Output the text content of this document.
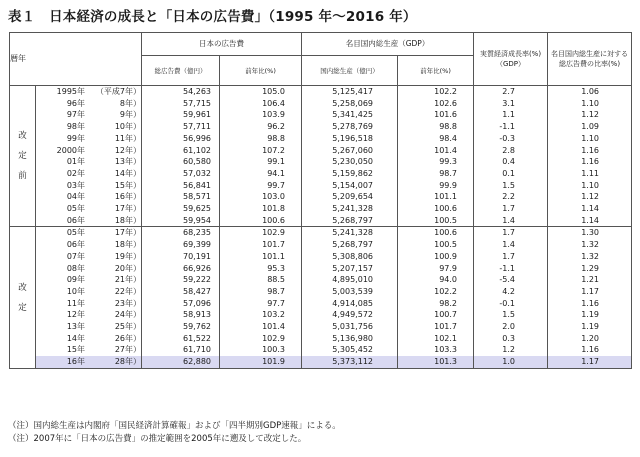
表１　日本経済の成長と「日本の広告費」（1995 年〜2016 年）
暦年		日本の広告費		名目国内総生産（GDP）		実質経済成長率(%)（GDP）	名目国内総生産に対する総広告費の比率(%)
		総広告費（億円）	前年比(%)	国内総生産（億円）	前年比(%)		

改
定
前	1995年 （平成7年）	54,263	105.0	5,125,417	102.2	2.7	1.06
	96年 8年）	57,715	106.4	5,258,069	102.6	3.1	1.10
	97年 9年）	59,961	103.9	5,341,425	101.6	1.1	1.12
	98年 10年）	57,711	96.2	5,278,769	98.8	-1.1	1.09
	99年 11年）	56,996	98.8	5,196,518	98.4	-0.3	1.10
	2000年 12年）	61,102	107.2	5,267,060	101.4	2.8	1.16
	01年 13年）	60,580	99.1	5,230,050	99.3	0.4	1.16
	02年 14年）	57,032	94.1	5,159,862	98.7	0.1	1.11
	03年 15年）	56,841	99.7	5,154,007	99.9	1.5	1.10
	04年 16年）	58,571	103.0	5,209,654	101.1	2.2	1.12
	05年 17年）	59,625	101.8	5,241,328	100.6	1.7	1.14
	06年 18年）	59,954	100.6	5,268,797	100.5	1.4	1.14

改
定	05年 17年）	68,235	102.9	5,241,328	100.6	1.7	1.30
	06年 18年）	69,399	101.7	5,268,797	100.5	1.4	1.32
	07年 19年）	70,191	101.1	5,308,806	100.9	1.7	1.32
	08年 20年）	66,926	95.3	5,207,157	97.9	-1.1	1.29
	09年 21年）	59,222	88.5	4,895,010	94.0	-5.4	1.21
	10年 22年）	58,427	98.7	5,003,539	102.2	4.2	1.17
	11年 23年）	57,096	97.7	4,914,085	98.2	-0.1	1.16
	12年 24年）	58,913	103.2	4,949,572	100.7	1.5	1.19
	13年 25年）	59,762	101.4	5,031,756	101.7	2.0	1.19
	14年 26年）	61,522	102.9	5,136,980	102.1	0.3	1.20
	15年 27年）	61,710	100.3	5,305,452	103.3	1.2	1.16
	16年 28年）	62,880	101.9	5,373,112	101.3	1.0	1.17
（注）国内総生産は内閣府「国民経済計算確報」および「四半期別GDP速報」による。
（注）2007年に「日本の広告費」の推定範囲を2005年に遡及して改定した。
